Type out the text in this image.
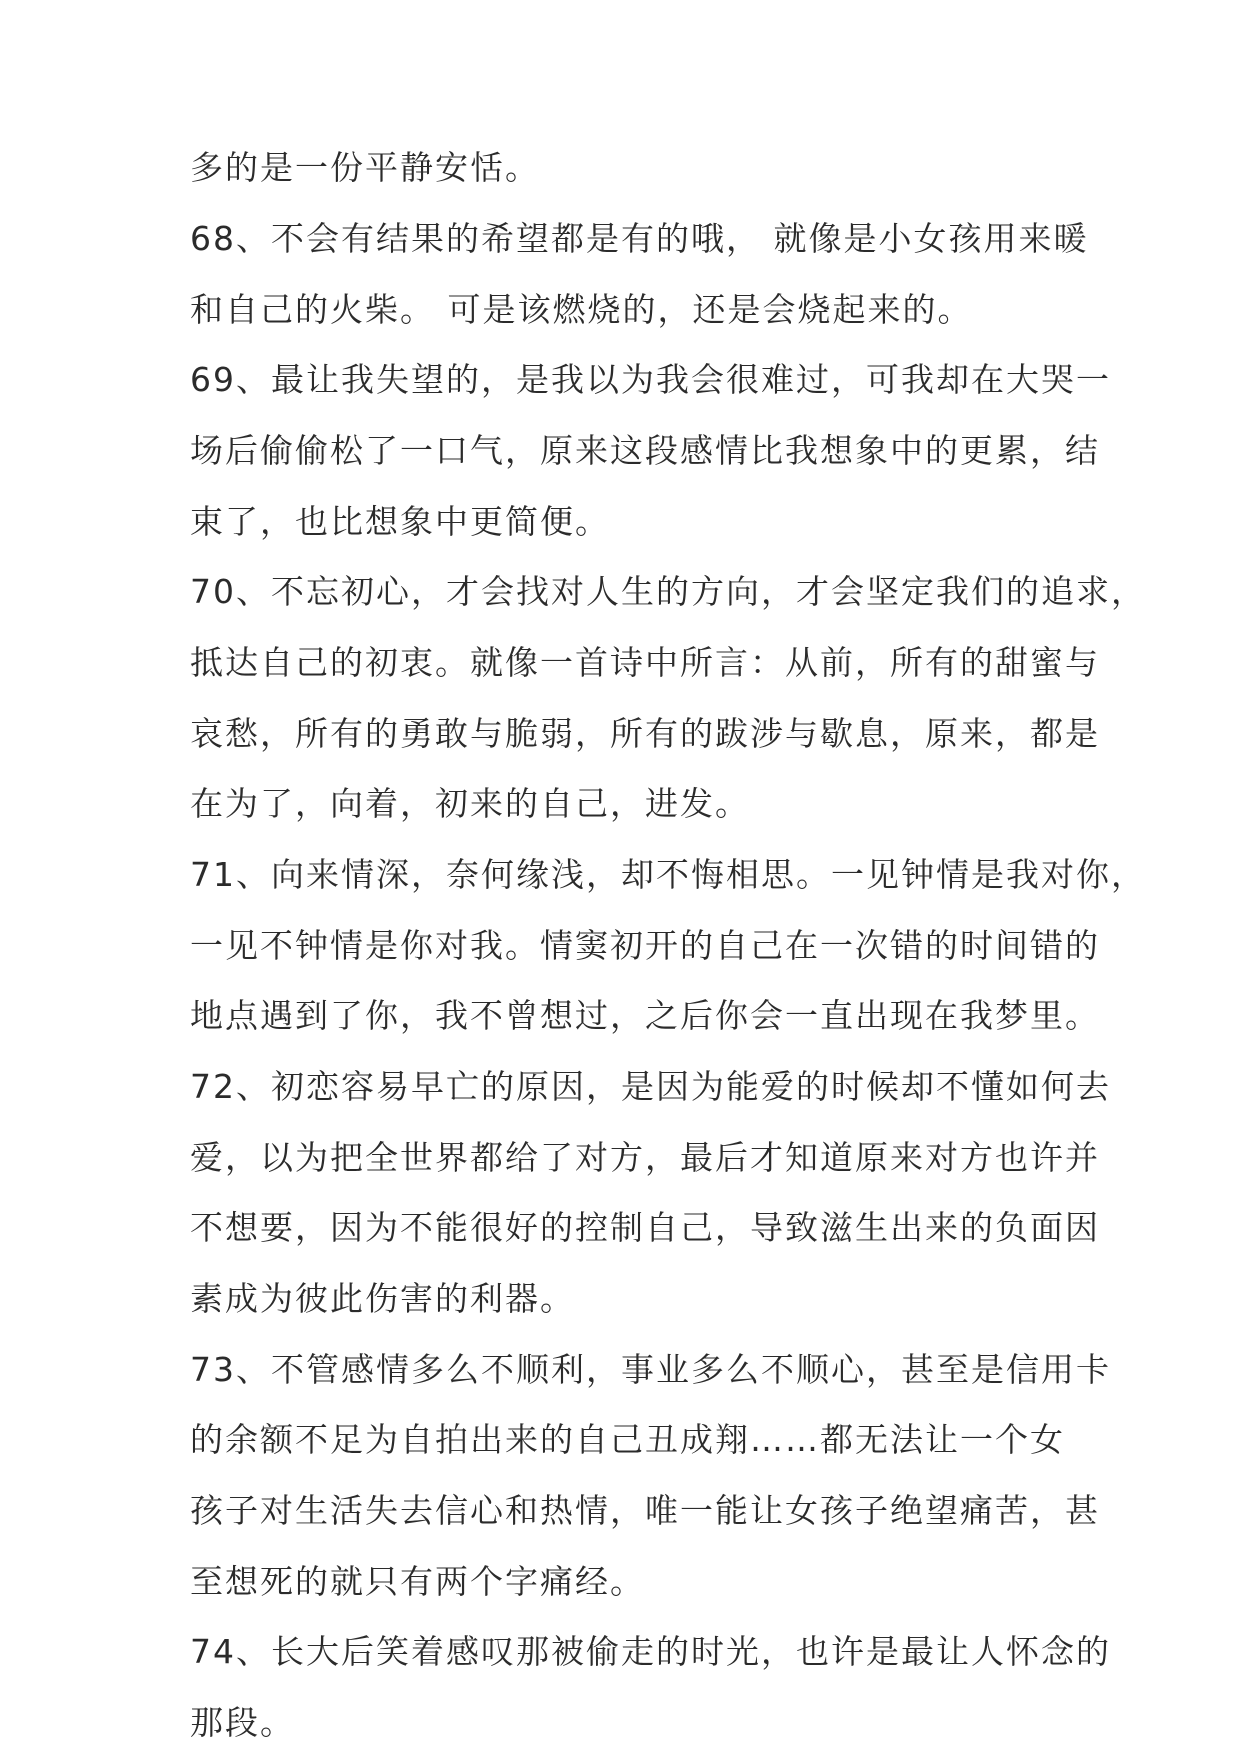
多的是一份平静安恬。

68、不会有结果的希望都是有的哦， 就像是小女孩用来暖

和自己的火柴。 可是该燃烧的，还是会烧起来的。

69、最让我失望的，是我以为我会很难过，可我却在大哭一

场后偷偷松了一口气，原来这段感情比我想象中的更累，结

束了，也比想象中更简便。

70、不忘初心，才会找对人生的方向，才会坚定我们的追求，

抵达自己的初衷。就像一首诗中所言：从前，所有的甜蜜与

哀愁，所有的勇敢与脆弱，所有的跋涉与歇息，原来，都是

在为了，向着，初来的自己，进发。

71、向来情深，奈何缘浅，却不悔相思。一见钟情是我对你，

一见不钟情是你对我。情窦初开的自己在一次错的时间错的

地点遇到了你，我不曾想过，之后你会一直出现在我梦里。

72、初恋容易早亡的原因，是因为能爱的时候却不懂如何去

爱，以为把全世界都给了对方，最后才知道原来对方也许并

不想要，因为不能很好的控制自己，导致滋生出来的负面因

素成为彼此伤害的利器。

73、不管感情多么不顺利，事业多么不顺心，甚至是信用卡

的余额不足为自拍出来的自己丑成翔……都无法让一个女

孩子对生活失去信心和热情，唯一能让女孩子绝望痛苦，甚

至想死的就只有两个字痛经。

74、长大后笑着感叹那被偷走的时光，也许是最让人怀念的

那段。
